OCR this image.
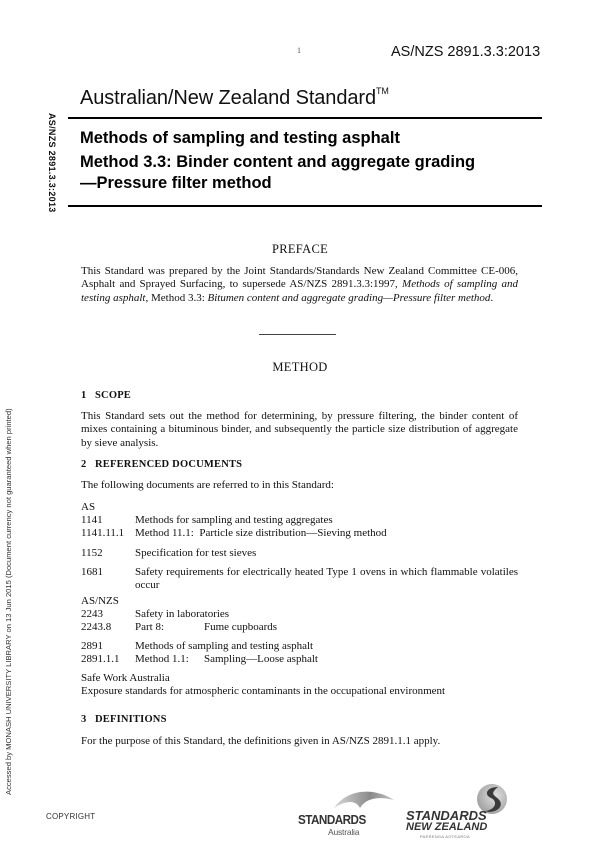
1	AS/NZS 2891.3.3:2013
Australian/New Zealand Standard™
AS/NZS 2891.3.3:2013 Methods of sampling and testing asphalt
Method 3.3: Binder content and aggregate grading—Pressure filter method
Accessed by MONASH UNIVERSITY LIBRARY on 13 Jun 2015 (Document currency not guaranteed when printed)
PREFACE
This Standard was prepared by the Joint Standards/Standards New Zealand Committee CE-006, Asphalt and Sprayed Surfacing, to supersede AS/NZS 2891.3.3:1997, Methods of sampling and testing asphalt, Method 3.3: Bitumen content and aggregate grading—Pressure filter method.
METHOD
1 SCOPE
This Standard sets out the method for determining, by pressure filtering, the binder content of mixes containing a bituminous binder, and subsequently the particle size distribution of aggregate by sieve analysis.
2 REFERENCED DOCUMENTS
The following documents are referred to in this Standard:
AS
1141	Methods for sampling and testing aggregates
1141.11.1 Method 11.1: Particle size distribution—Sieving method
1152	Specification for test sieves
1681	Safety requirements for electrically heated Type 1 ovens in which flammable volatiles occur
AS/NZS
2243	Safety in laboratories
2243.8 Part 8:	Fume cupboards
2891	Methods of sampling and testing asphalt
2891.1.1 Method 1.1: Sampling—Loose asphalt
Safe Work Australia
Exposure standards for atmospheric contaminants in the occupational environment
3 DEFINITIONS
For the purpose of this Standard, the definitions given in AS/NZS 2891.1.1 apply.
COPYRIGHT	STANDARDS
Australia
STANDARDS
NEW ZEALAND
PAERENGA AOTEAROA
